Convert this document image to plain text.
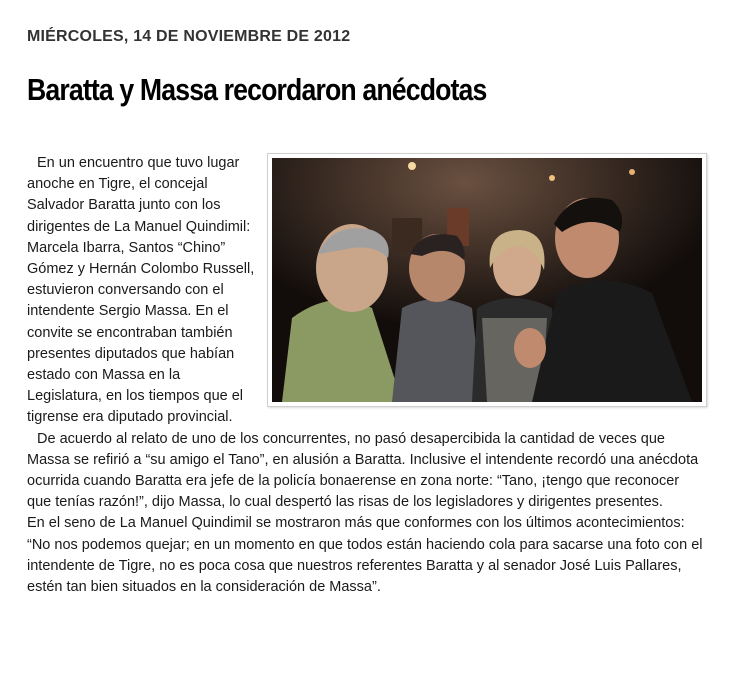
MIÉRCOLES, 14 DE NOVIEMBRE DE 2012
Baratta y Massa recordaron anécdotas

En un encuentro que tuvo lugar anoche en Tigre, el concejal Salvador Baratta junto con los dirigentes de La Manuel Quindimil: Marcela Ibarra, Santos “Chino” Gómez y Hernán Colombo Russell, estuvieron conversando con el intendente Sergio Massa. En el convite se encontraban también presentes diputados que habían estado con Massa en la Legislatura, en los tiempos que el tigrense era diputado provincial.

De acuerdo al relato de uno de los concurrentes, no pasó desapercibida la cantidad de veces que Massa se refirió a “su amigo el Tano”, en alusión a Baratta. Inclusive el intendente recordó una anécdota ocurrida cuando Baratta era jefe de la policía bonaerense en zona norte: “Tano, ¡tengo que reconocer que tenías razón!”, dijo Massa, lo cual despertó las risas de los legisladores y dirigentes presentes.

En el seno de La Manuel Quindimil se mostraron más que conformes con los últimos acontecimientos: “No nos podemos quejar; en un momento en que todos están haciendo cola para sacarse una foto con el intendente de Tigre, no es poca cosa que nuestros referentes Baratta y al senador José Luis Pallares, estén tan bien situados en la consideración de Massa”.
